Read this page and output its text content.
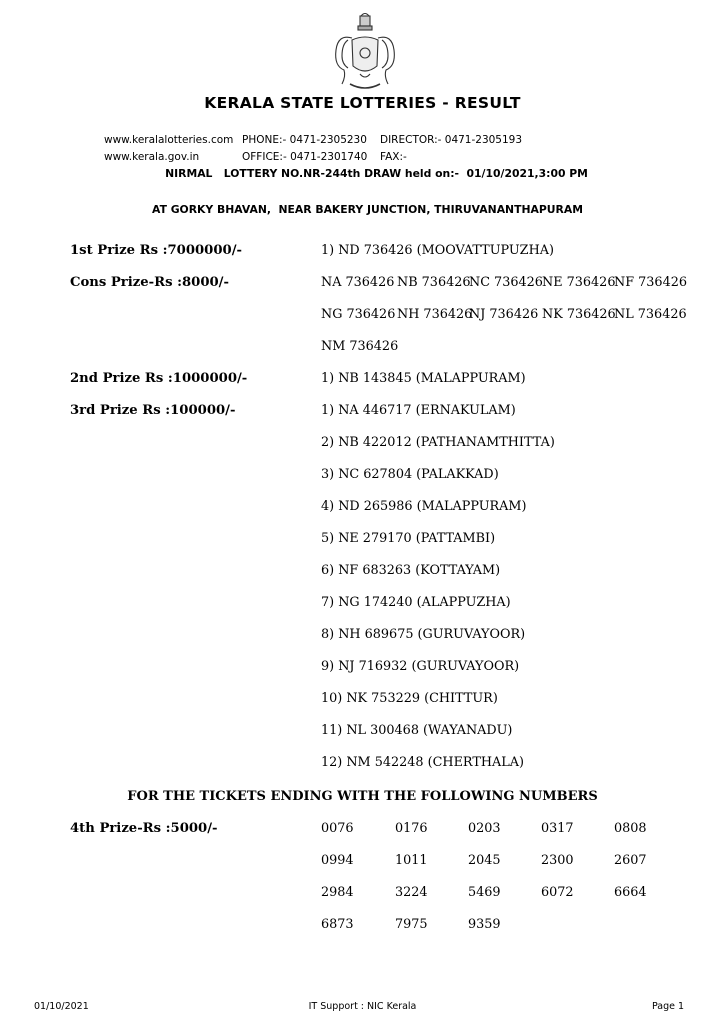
KERALA STATE LOTTERIES - RESULT
www.keralalotteries.com PHONE:- 0471-2305230 DIRECTOR:- 0471-2305193
www.kerala.gov.in	OFFICE:- 0471-2301740 FAX:-
NIRMAL   LOTTERY NO.NR-244th DRAW held on:-  01/10/2021,3:00 PM
AT GORKY BHAVAN,  NEAR BAKERY JUNCTION, THIRUVANANTHAPURAM
1st Prize Rs :7000000/-	1) ND 736426 (MOOVATTUPUZHA)
Cons Prize-Rs :8000/-	NA 736426 NB 736426
NC 736426 NE 736426
NF 736426
NG 736426 NH 736426
NJ 736426 NK 736426
NL 736426
NM 736426
2nd Prize Rs :1000000/-	1) NB 143845 (MALAPPURAM)
3rd Prize Rs :100000/-	1) NA 446717 (ERNAKULAM)
2) NB 422012 (PATHANAMTHITTA)
3) NC 627804 (PALAKKAD)
4) ND 265986 (MALAPPURAM)
5) NE 279170 (PATTAMBI)
6) NF 683263 (KOTTAYAM)
7) NG 174240 (ALAPPUZHA)
8) NH 689675 (GURUVAYOOR)
9) NJ 716932 (GURUVAYOOR)
10) NK 753229 (CHITTUR)
11) NL 300468 (WAYANADU)
12) NM 542248 (CHERTHALA)
FOR THE TICKETS ENDING WITH THE FOLLOWING NUMBERS
4th Prize-Rs :5000/-	0076	0176	0203	0317	0808
0994	1011	2045	2300	2607
2984	3224	5469	6072	6664
6873	7975	9359
01/10/2021	IT Support : NIC Kerala	Page 1
